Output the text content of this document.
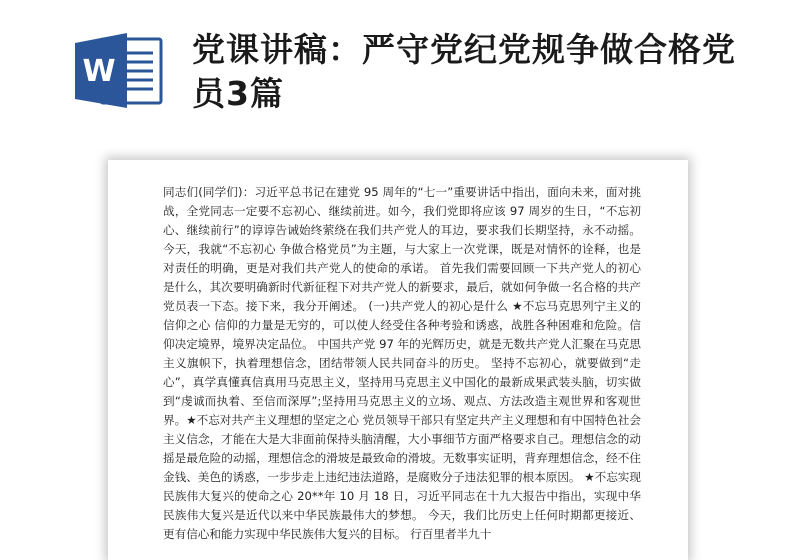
W
党课讲稿：严守党纪党规争做合格党员3篇
同志们(同学们)：习近平总书记在建党 95 周年的“七一”重要讲话中指出，面向未来，面对挑战，全党同志一定要不忘初心、继续前进。如今，我们党即将应该 97 周岁的生日，“不忘初心、继续前行”的谆谆告诫始终萦绕在我们共产党人的耳边，要求我们长期坚持，永不动摇。今天，我就“不忘初心 争做合格党员”为主题，与大家上一次党课，既是对情怀的诠释，也是对责任的明确，更是对我们共产党人的使命的承诺。 首先我们需要回顾一下共产党人的初心是什么，其次要明确新时代新征程下对共产党人的新要求，最后，就如何争做一名合格的共产党员表一下态。接下来，我分开阐述。 (一)共产党人的初心是什么 ★不忘马克思列宁主义的信仰之心 信仰的力量是无穷的，可以使人经受住各种考验和诱惑，战胜各种困难和危险。信仰决定境界，境界决定品位。 中国共产党 97 年的光辉历史，就是无数共产党人汇聚在马克思主义旗帜下，执着理想信念，团结带领人民共同奋斗的历史。 坚持不忘初心，就要做到“走心”，真学真懂真信真用马克思主义，坚持用马克思主义中国化的最新成果武装头脑，切实做到“虔诚而执着、至信而深厚”;坚持用马克思主义的立场、观点、方法改造主观世界和客观世界。★不忘对共产主义理想的坚定之心 党员领导干部只有坚定共产主义理想和有中国特色社会主义信念，才能在大是大非面前保持头脑清醒，大小事细节方面严格要求自己。理想信念的动摇是最危险的动摇，理想信念的滑坡是最致命的滑坡。无数事实证明，背弃理想信念，经不住金钱、美色的诱惑，一步步走上违纪违法道路，是腐败分子违法犯罪的根本原因。 ★不忘实现民族伟大复兴的使命之心 20**年 10 月 18 日，习近平同志在十九大报告中指出，实现中华民族伟大复兴是近代以来中华民族最伟大的梦想。 今天，我们比历史上任何时期都更接近、更有信心和能力实现中华民族伟大复兴的目标。 行百里者半九十
